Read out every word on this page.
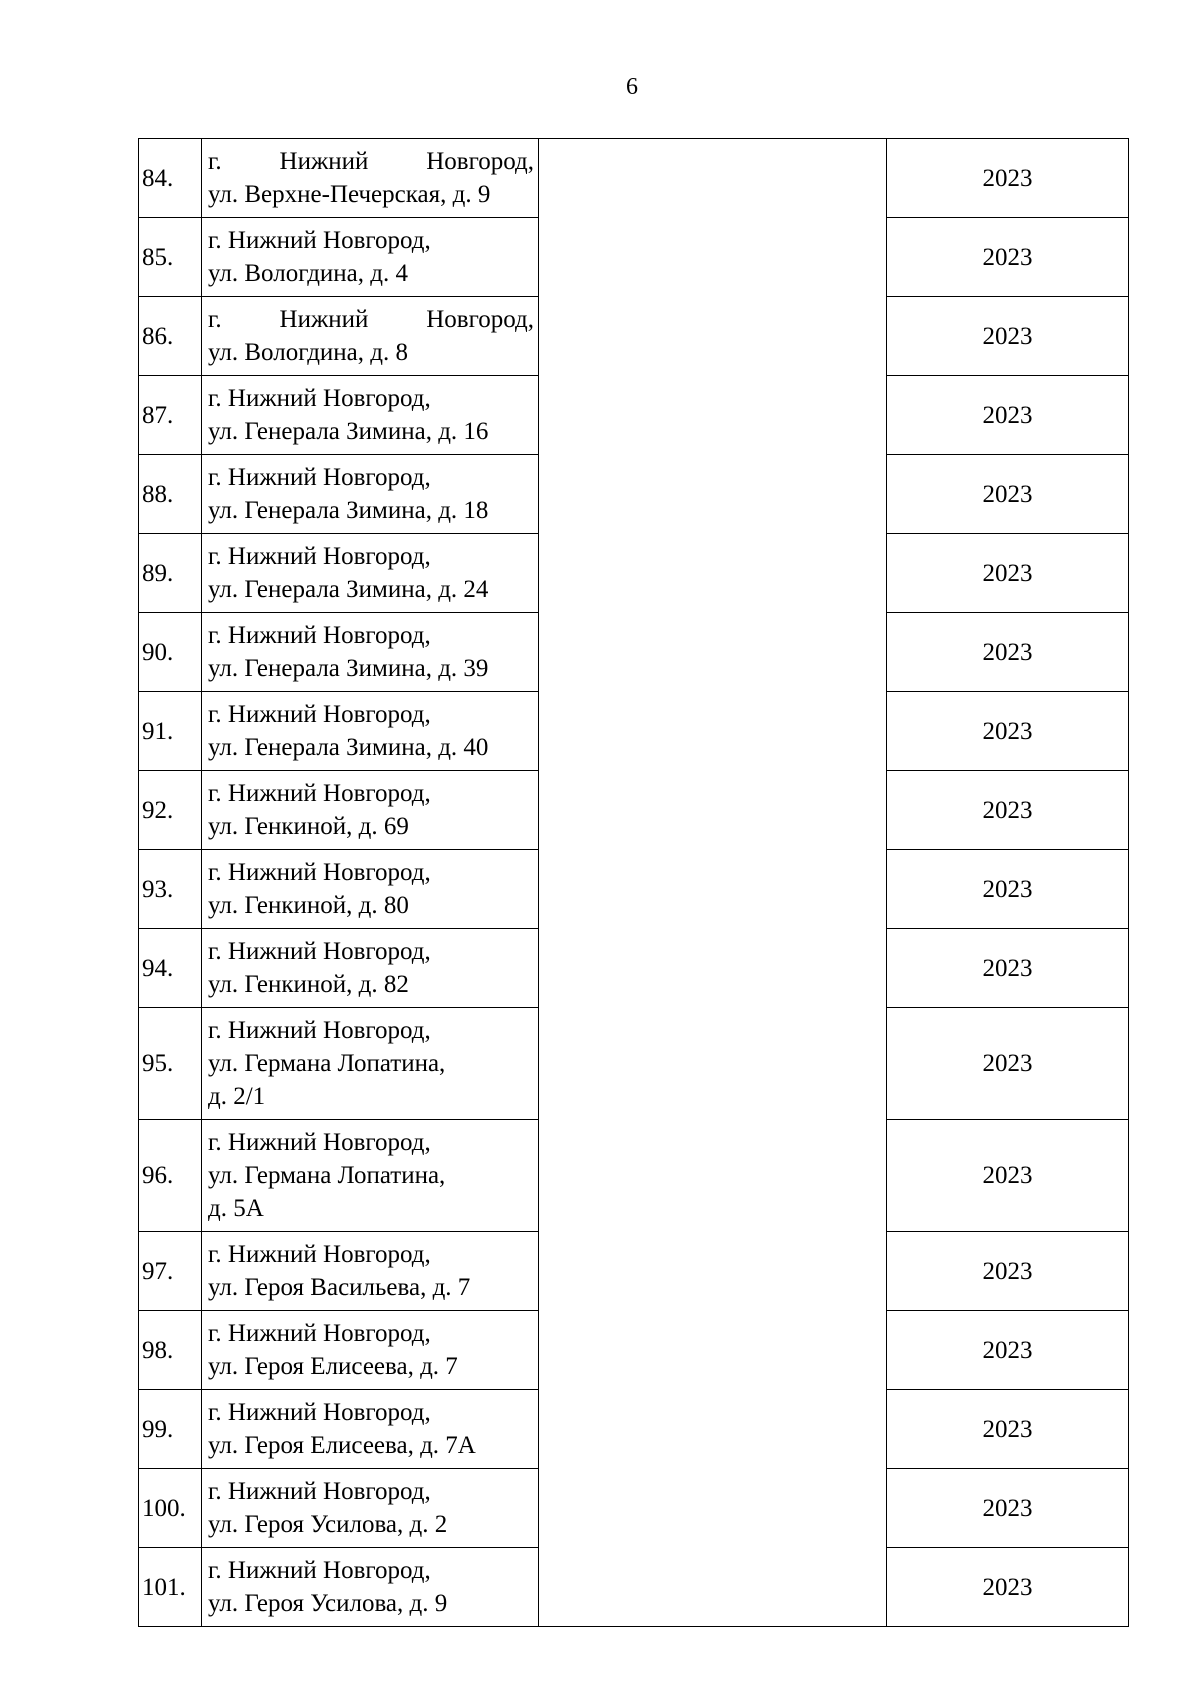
6
84.	г. Нижний Новгород,
ул. Верхне-Печерская, д. 9		2023
85.	г. Нижний Новгород,
ул. Вологдина, д. 4		2023
86.	г. Нижний Новгород,
ул. Вологдина, д. 8		2023
87.	г. Нижний Новгород,
ул. Генерала Зимина, д. 16		2023
88.	г. Нижний Новгород,
ул. Генерала Зимина, д. 18		2023
89.	г. Нижний Новгород,
ул. Генерала Зимина, д. 24		2023
90.	г. Нижний Новгород,
ул. Генерала Зимина, д. 39		2023
91.	г. Нижний Новгород,
ул. Генерала Зимина, д. 40		2023
92.	г. Нижний Новгород,
ул. Генкиной, д. 69		2023
93.	г. Нижний Новгород,
ул. Генкиной, д. 80		2023
94.	г. Нижний Новгород,
ул. Генкиной, д. 82		2023
95.	г. Нижний Новгород,
ул. Германа Лопатина,
д. 2/1		2023
96.	г. Нижний Новгород,
ул. Германа Лопатина,
д. 5А		2023
97.	г. Нижний Новгород,
ул. Героя Васильева, д. 7		2023
98.	г. Нижний Новгород,
ул. Героя Елисеева, д. 7		2023
99.	г. Нижний Новгород,
ул. Героя Елисеева, д. 7А		2023
100.	г. Нижний Новгород,
ул. Героя Усилова, д. 2		2023
101.	г. Нижний Новгород,
ул. Героя Усилова, д. 9		2023
